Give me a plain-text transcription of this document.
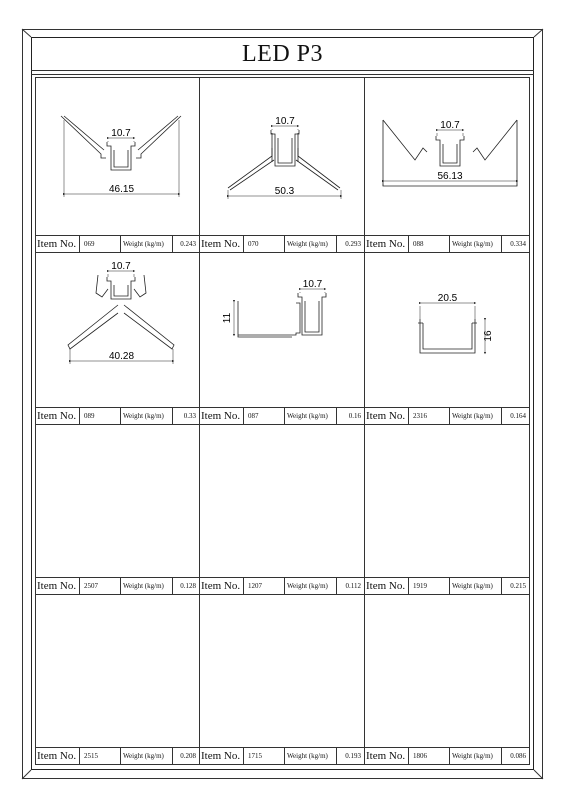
LED P3
10.7
46.15
Item No.	069	Weight (kg/m)	0.243
10.7
50.3
Item No.	070	Weight (kg/m)	0.293
10.7
56.13
Item No.	088	Weight (kg/m)	0.334
10.7
40.28
Item No.	089	Weight (kg/m)	0.33
10.7
11
Item No.	087	Weight (kg/m)	0.16
20.5
16
Item No.	2316	Weight (kg/m)	0.164
Item No.	2507	Weight (kg/m)	0.128 Item No.	1207	Weight (kg/m)	0.112 Item No.	1919	Weight (kg/m)	0.215
Item No.	2515	Weight (kg/m)	0.208 Item No.	1715	Weight (kg/m)	0.193 Item No.	1806	Weight (kg/m)	0.086
